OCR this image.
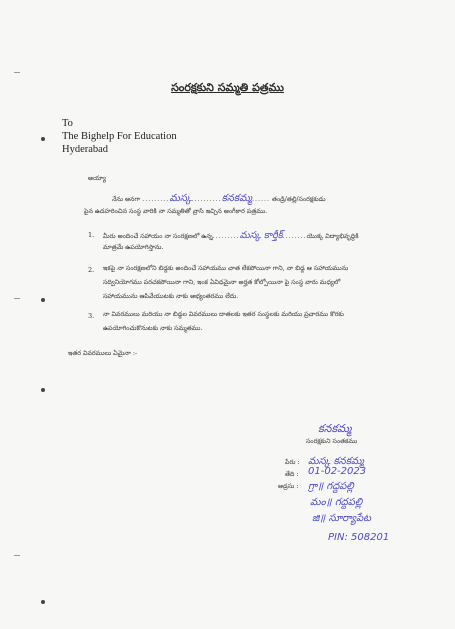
సంరక్షకుని సమ్మతి పత్రము
To
The Bighelp For Education
Hyderabad
అయ్యా
నేను అనగా .........మస్క..........కనకమ్మ...... తండ్రి/తల్లి/సంరక్షకుడు
పైన ఉదహరించిన సంస్థ వారికి నా సమ్మతితో వ్రాసి ఇచ్చిన అంగీకార పత్రము.
1. మీరు అందించే సహాయం నా సంరక్షణలో ఉన్న.........మస్క కార్తీక్........యొక్క విద్యాభివృద్ధికి
మాత్రమే ఉపయోగిస్తాను.
2. ఇకపై నా సంరక్షణలోని బిడ్డకు అందించే సహాయము చాత లేకపోయినా గాని, నా బిడ్డ ఆ సహాయమును
సద్వినియోగము పరచకపోయినా గాని, ఇంక ఏవిధమైనా అర్హత కోల్పోయినా పై సంస్థ వారు మధ్యలో
సహాయమును ఆపివేయుటకు నాకు అభ్యంతరము లేదు.
3. నా వివరములు మరియు నా బిడ్డల వివరములు దాతలకు ఇతర సంస్థలకు మరియు ప్రచారము కొరకు
ఉపయోగించుకొనుటకు నాకు సమ్మతము.
ఇతర వివరములు ఏమైనా :-
కనకమ్మ
సంరక్షకుని సంతకము
పేరు : మస్క కనకమ్మ
తేది : 01-02-2023
అడ్రసు : గ్రా॥ గద్దపల్లి
మం॥ గద్దపల్లి
జి॥ సూర్యాపేట
PIN: 508201
